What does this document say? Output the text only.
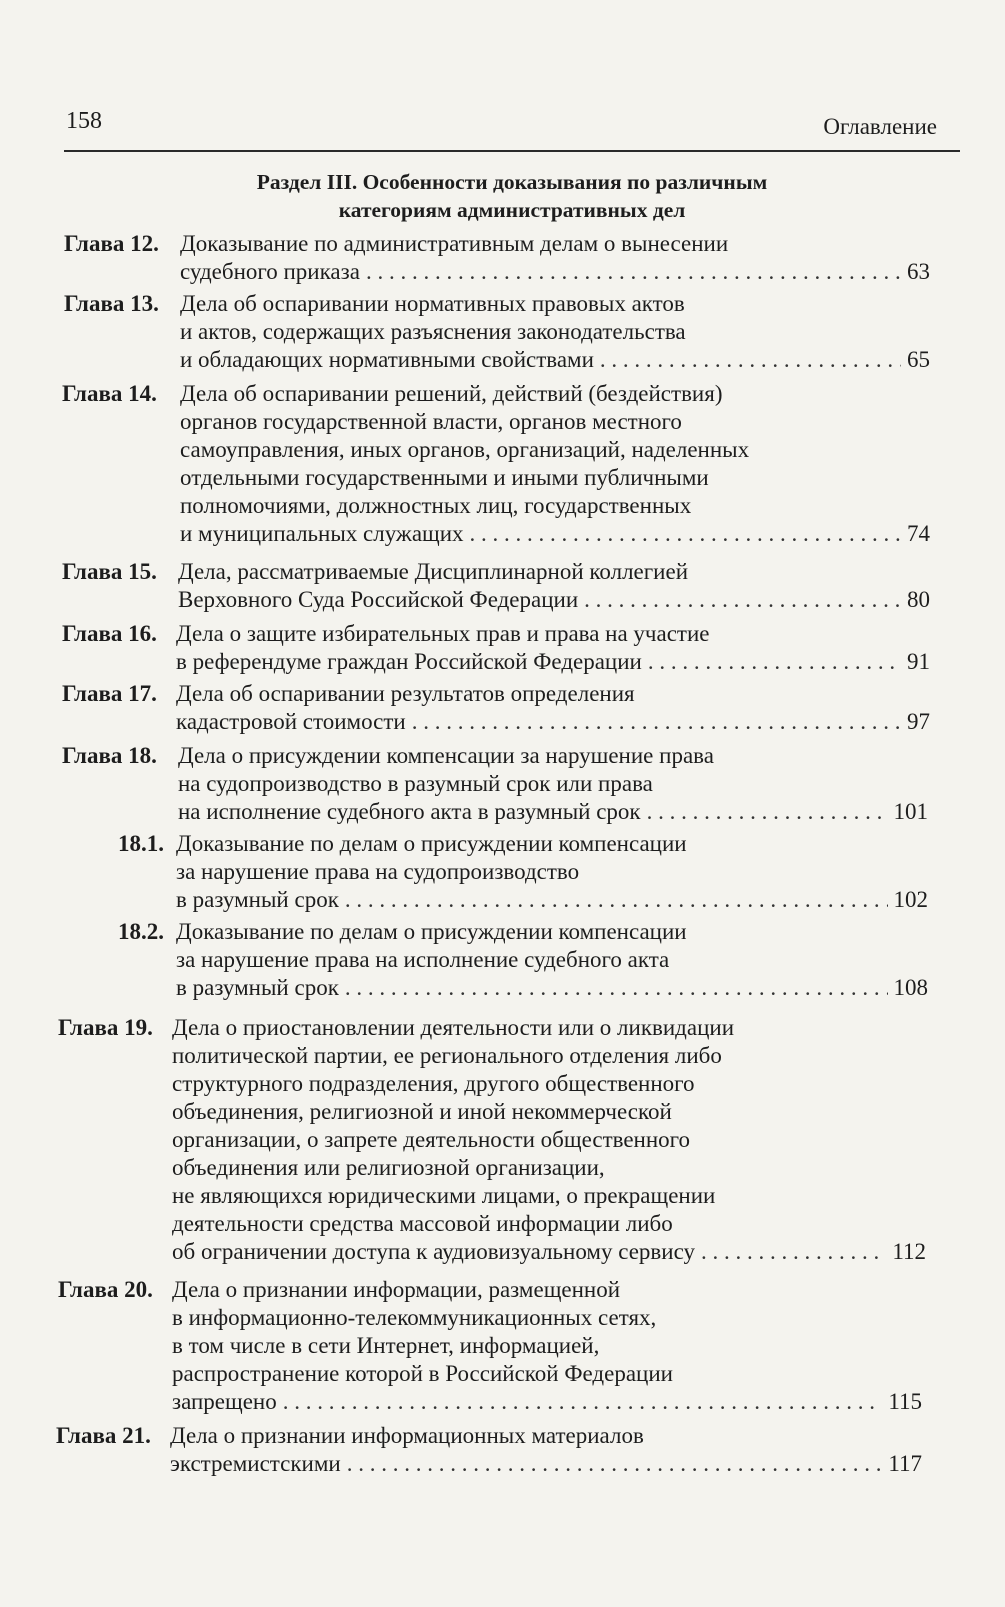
158	Оглавление
Раздел III. Особенности доказывания по различным
категориям административных дел
Глава 12. Доказывание по административным делам о вынесении
судебного приказа . . .	63
Глава 13. Дела об оспаривании нормативных правовых актов
и актов, содержащих разъяснения законодательства
и обладающих нормативными свойствами . . .	65
Глава 14. Дела об оспаривании решений, действий (бездействия)
органов государственной власти, органов местного
самоуправления, иных органов, организаций, наделенных
отдельными государственными и иными публичными
полномочиями, должностных лиц, государственных
и муниципальных служащих . . .	74
Глава 15. Дела, рассматриваемые Дисциплинарной коллегией
Верховного Суда Российской Федерации . . .	80
Глава 16. Дела о защите избирательных прав и права на участие
в референдуме граждан Российской Федерации . . .	91
Глава 17. Дела об оспаривании результатов определения
кадастровой стоимости . . .	97
Глава 18. Дела о присуждении компенсации за нарушение права
на судопроизводство в разумный срок или права
на исполнение судебного акта в разумный срок . . .	101
18.1. Доказывание по делам о присуждении компенсации
за нарушение права на судопроизводство
в разумный срок . . .	102
18.2. Доказывание по делам о присуждении компенсации
за нарушение права на исполнение судебного акта
в разумный срок . . .	108
Глава 19. Дела о приостановлении деятельности или о ликвидации
политической партии, ее регионального отделения либо
структурного подразделения, другого общественного
объединения, религиозной и иной некоммерческой
организации, о запрете деятельности общественного
объединения или религиозной организации,
не являющихся юридическими лицами, о прекращении
деятельности средства массовой информации либо
об ограничении доступа к аудиовизуальному сервису . . .	112
Глава 20. Дела о признании информации, размещенной
в информационно-телекоммуникационных сетях,
в том числе в сети Интернет, информацией,
распространение которой в Российской Федерации
запрещено . . .	115
Глава 21. Дела о признании информационных материалов
экстремистскими . . .	117
